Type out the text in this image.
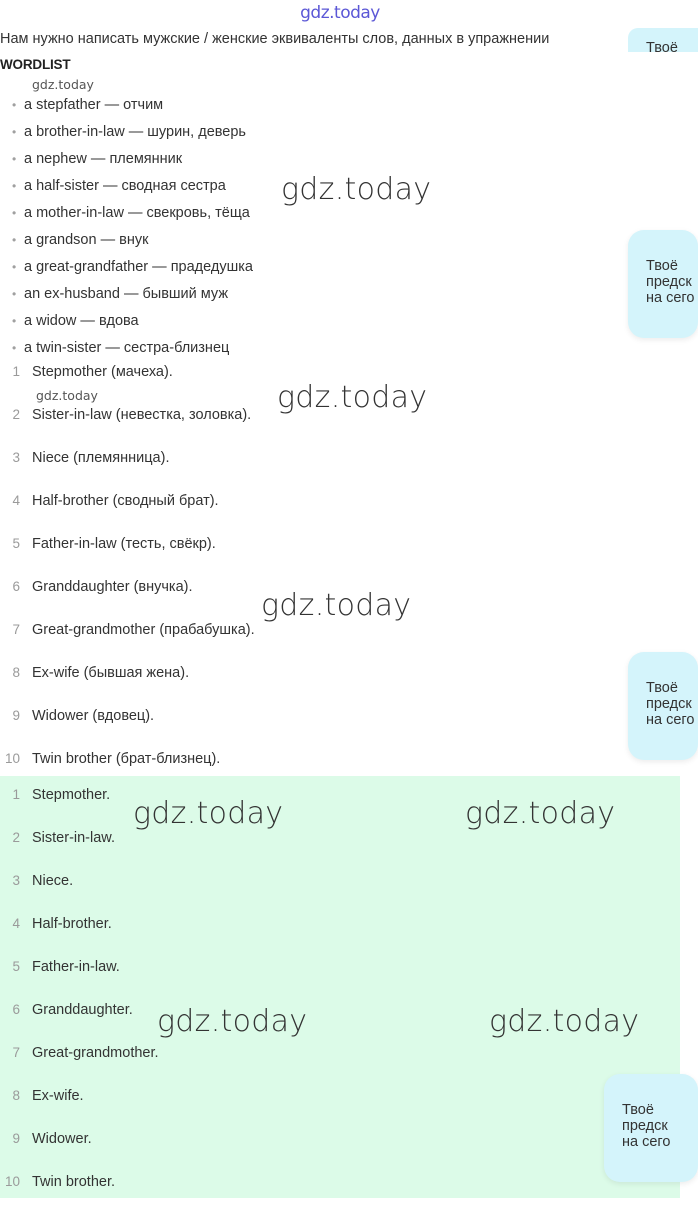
gdz.today
Нам нужно написать мужские / женские эквиваленты слов, данных в упражнении
Твоё
WORDLIST
gdz.today
• a stepfather — отчим
• a brother-in-law — шурин, деверь
• a nephew — племянник
• a half-sister — сводная сестра
• a mother-in-law — свекровь, тёща
• a grandson — внук
• a great-grandfather — прадедушка
• an ex-husband — бывший муж
• a widow — вдова
• a twin-sister — сестра-близнец
gdz.today
Твоё
предск
на сего
1 Stepmother (мачеха).
2 Sister-in-law (невестка, золовка).
3 Niece (племянница).
4 Half-brother (сводный брат).
5 Father-in-law (тесть, свёкр).
6 Granddaughter (внучка).
7 Great-grandmother (прабабушка).
8 Ex-wife (бывшая жена).
9 Widower (вдовец).
10 Twin brother (брат-близнец).
gdz.today	gdz.today
gdz.today
Твоё
предск
на сего
1 Stepmother.
2 Sister-in-law.
3 Niece.
4 Half-brother.
5 Father-in-law.
6 Granddaughter.
7 Great-grandmother.
8 Ex-wife.
9 Widower.
10 Twin brother.
gdz.today	gdz.today
gdz.today	gdz.today
Твоё
предск
на сего
